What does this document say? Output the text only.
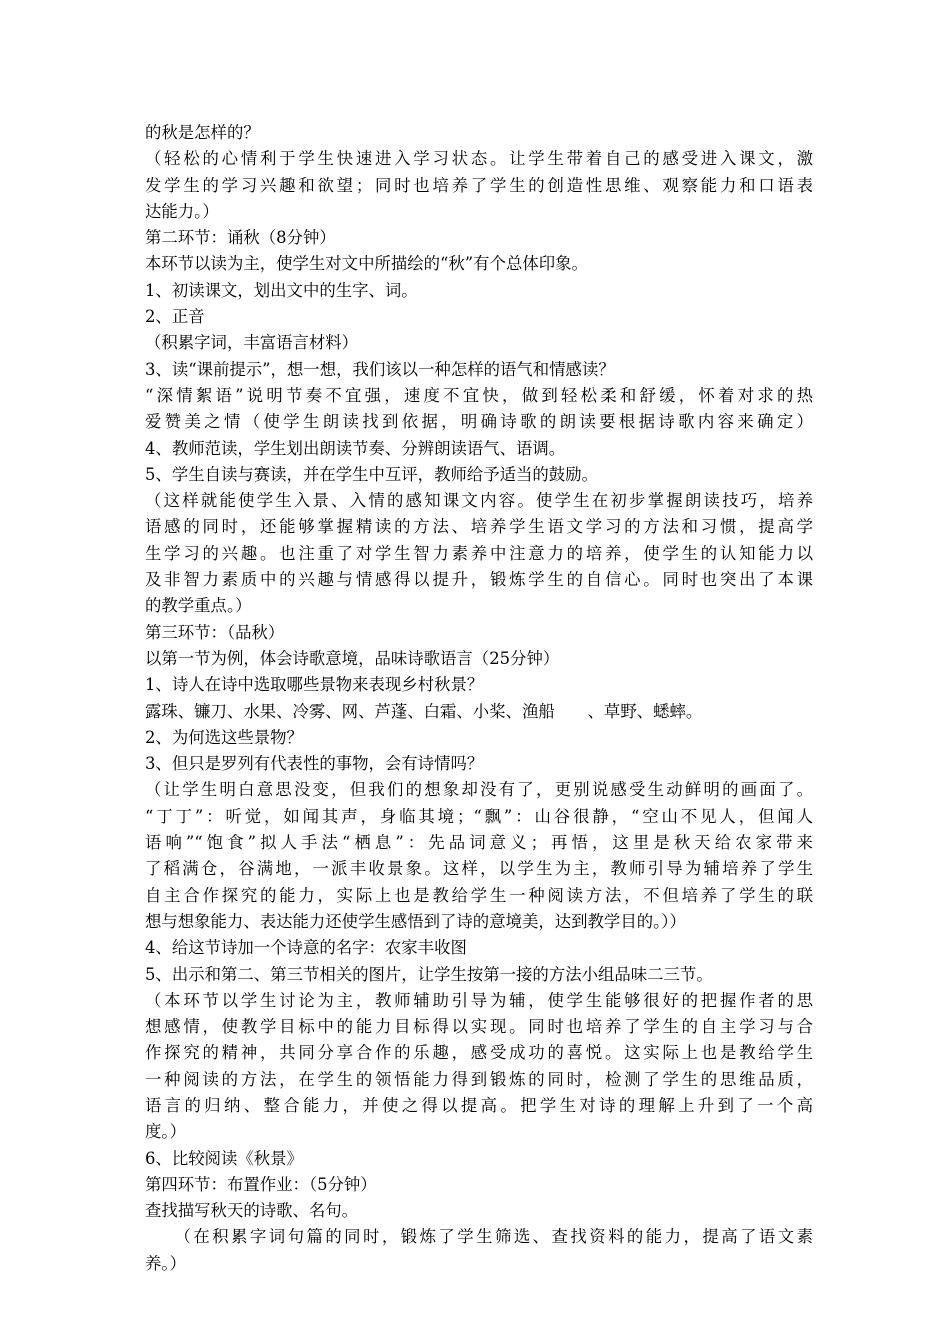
的秋是怎样的？
（轻松的心情利于学生快速进入学习状态。让学生带着自己的感受进入课文，激
发学生的学习兴趣和欲望；同时也培养了学生的创造性思维、观察能力和口语表
达能力。）
第二环节：诵秋（8分钟）
本环节以读为主，使学生对文中所描绘的“秋”有个总体印象。
1、初读课文，划出文中的生字、词。
2、正音
（积累字词，丰富语言材料）
3、读“课前提示”，想一想，我们该以一种怎样的语气和情感读？
“深情絮语”说明节奏不宜强，速度不宜快，做到轻松柔和舒缓，怀着对求的热
爱赞美之情（使学生朗读找到依据，明确诗歌的朗读要根据诗歌内容来确定）
4、教师范读，学生划出朗读节奏、分辨朗读语气、语调。
5、学生自读与赛读，并在学生中互评，教师给予适当的鼓励。
（这样就能使学生入景、入情的感知课文内容。使学生在初步掌握朗读技巧，培养
语感的同时，还能够掌握精读的方法、培养学生语文学习的方法和习惯，提高学
生学习的兴趣。也注重了对学生智力素养中注意力的培养，使学生的认知能力以
及非智力素质中的兴趣与情感得以提升，锻炼学生的自信心。同时也突出了本课
的教学重点。）
第三环节：（品秋）
以第一节为例，体会诗歌意境，品味诗歌语言（25分钟）
1、诗人在诗中选取哪些景物来表现乡村秋景？
露珠、镰刀、水果、冷雾、网、芦蓬、白霜、小桨、渔船　　、草野、蟋蟀。
2、为何选这些景物？
3、但只是罗列有代表性的事物，会有诗情吗？
（让学生明白意思没变，但我们的想象却没有了，更别说感受生动鲜明的画面了。
“丁丁”：听觉，如闻其声，身临其境；“飘”：山谷很静，“空山不见人，但闻人
语响”“饱食”拟人手法“栖息”：先品词意义；再悟，这里是秋天给农家带来
了稻满仓，谷满地，一派丰收景象。这样，以学生为主，教师引导为辅培养了学生
自主合作探究的能力，实际上也是教给学生一种阅读方法，不但培养了学生的联
想与想象能力、表达能力还使学生感悟到了诗的意境美，达到教学目的。））
4、给这节诗加一个诗意的名字：农家丰收图
5、出示和第二、第三节相关的图片，让学生按第一接的方法小组品味二三节。
（本环节以学生讨论为主，教师辅助引导为辅，使学生能够很好的把握作者的思
想感情，使教学目标中的能力目标得以实现。同时也培养了学生的自主学习与合
作探究的精神，共同分享合作的乐趣，感受成功的喜悦。这实际上也是教给学生
一种阅读的方法，在学生的领悟能力得到锻炼的同时，检测了学生的思维品质，
语言的归纳、整合能力，并使之得以提高。把学生对诗的理解上升到了一个高
度。）
6、比较阅读《秋景》
第四环节：布置作业：（5分钟）
查找描写秋天的诗歌、名句。
　　（在积累字词句篇的同时，锻炼了学生筛选、查找资料的能力，提高了语文素
养。）
